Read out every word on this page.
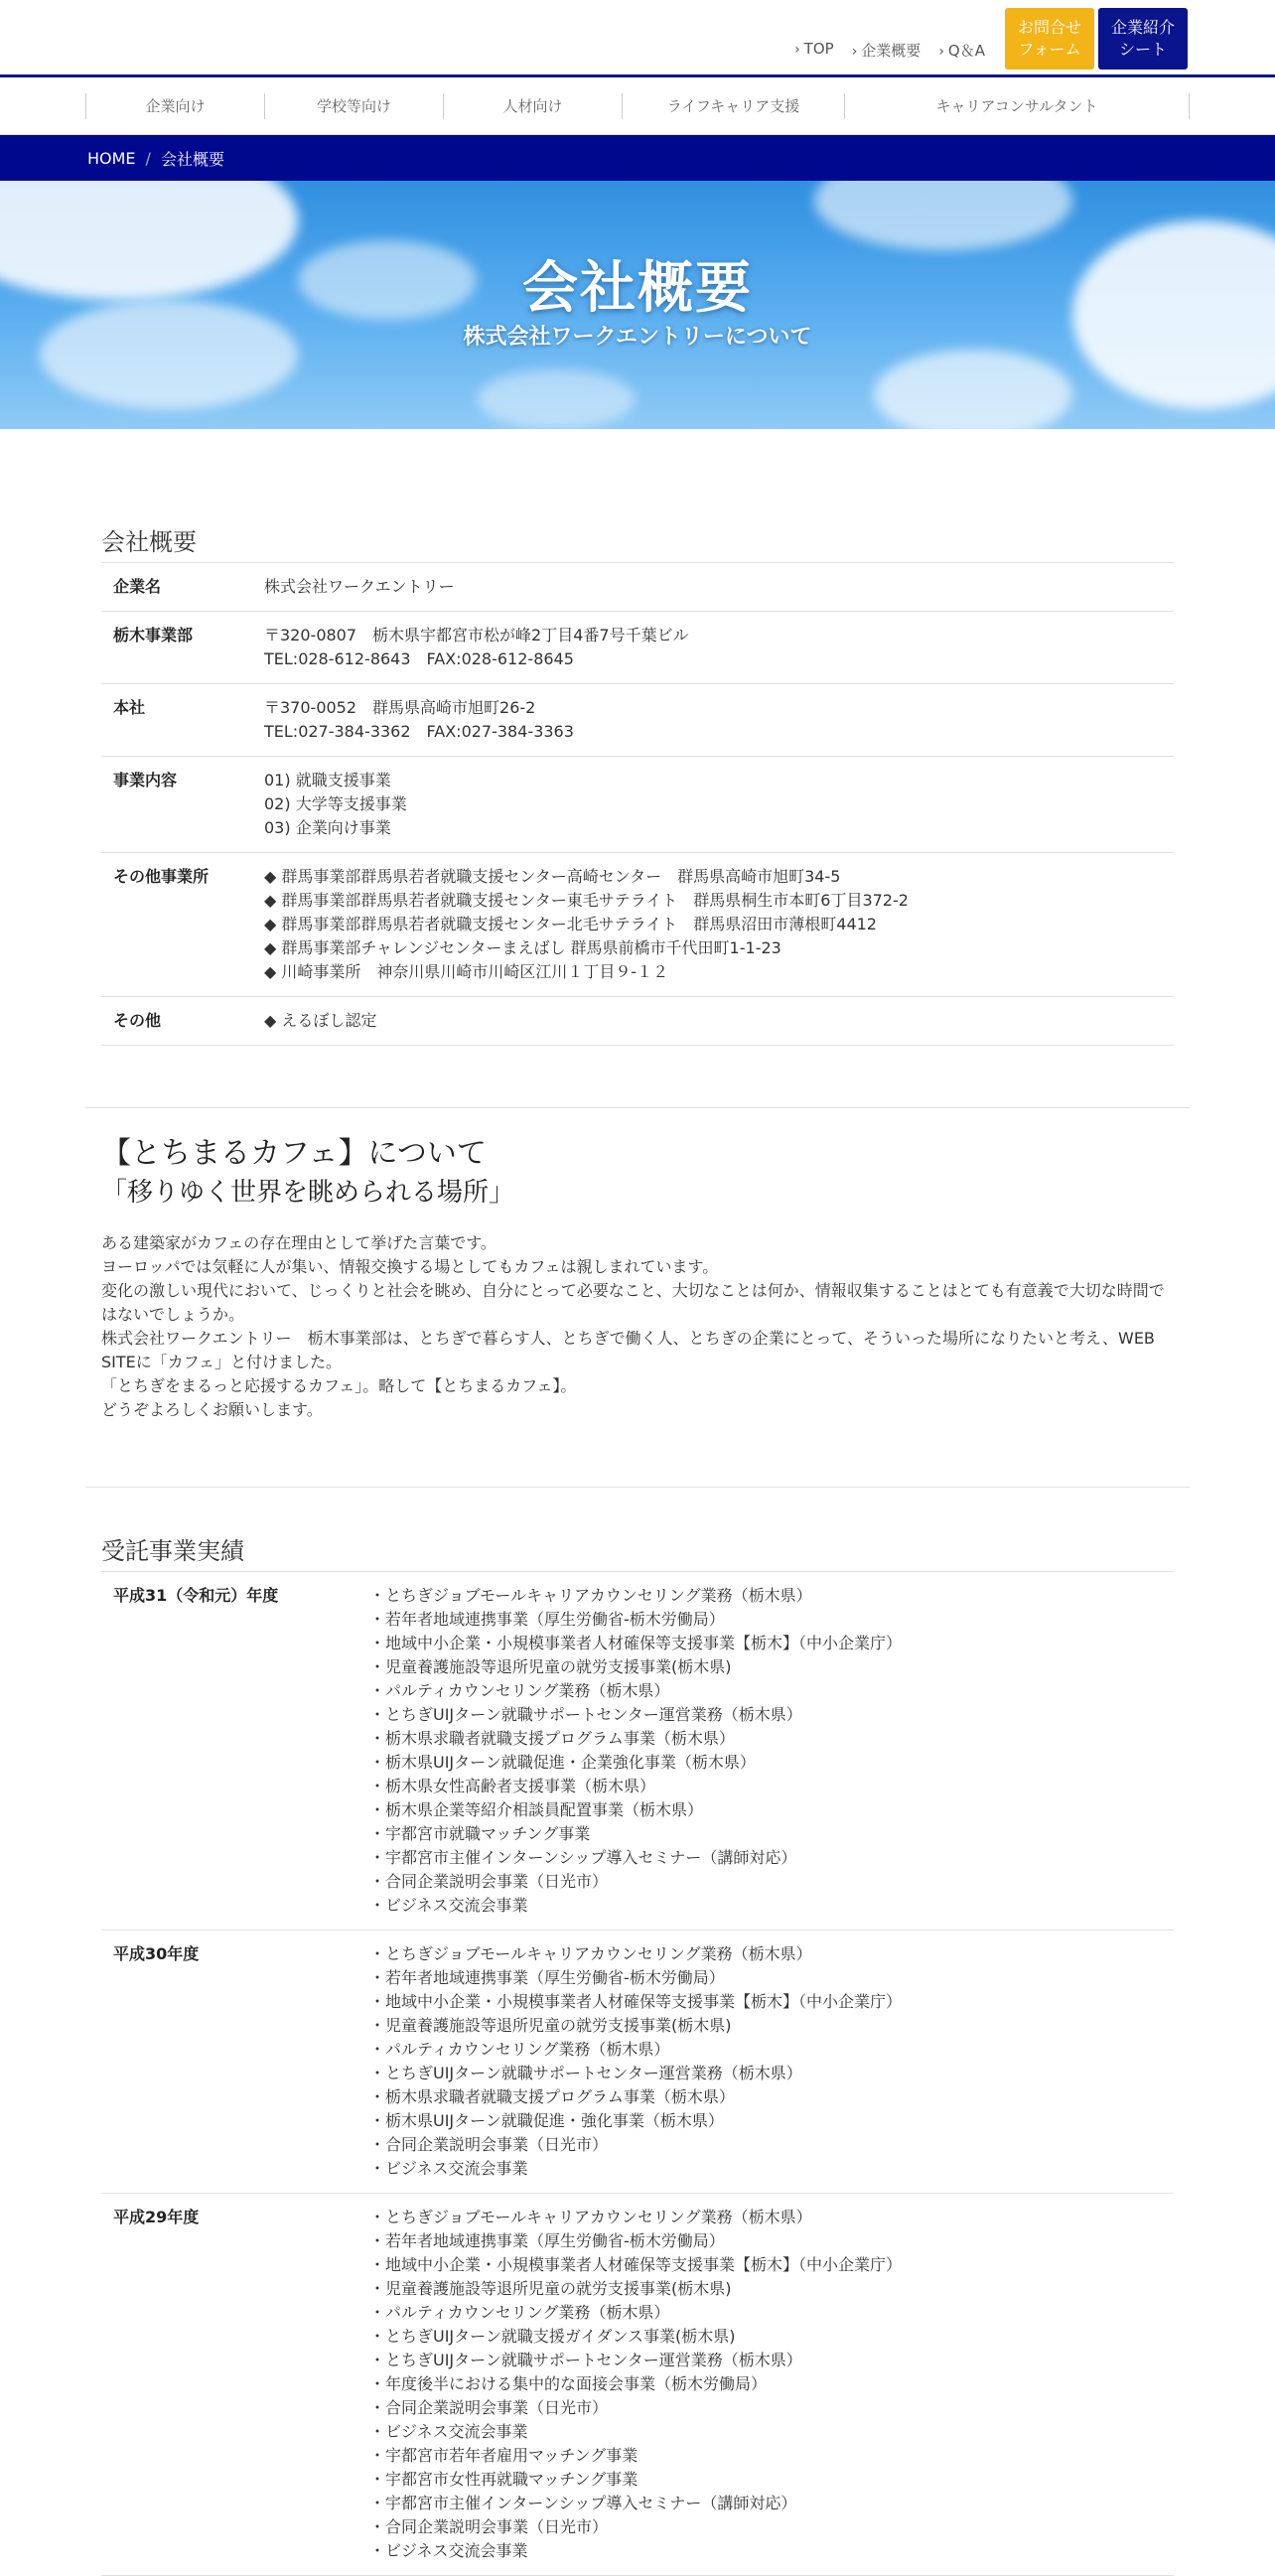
› TOP › 企業概要 › Q＆A
お問合せ
フォーム
企業紹介
シート
企業向け	学校等向け	人材向け	ライフキャリア支援	キャリアコンサルタント
HOME / 会社概要
会社概要
株式会社ワークエントリーについて
会社概要
企業名	株式会社ワークエントリー
栃木事業部	〒320-0807　栃木県宇都宮市松が峰2丁目4番7号千葉ビル
TEL:028-612-8643　FAX:028-612-8645
本社	〒370-0052　群馬県高崎市旭町26-2
TEL:027-384-3362　FAX:027-384-3363
事業内容	01) 就職支援事業
02) 大学等支援事業
03) 企業向け事業
その他事業所	◆ 群馬事業部群馬県若者就職支援センター高崎センター　群馬県高崎市旭町34-5
◆ 群馬事業部群馬県若者就職支援センター東毛サテライト　群馬県桐生市本町6丁目372-2
◆ 群馬事業部群馬県若者就職支援センター北毛サテライト　群馬県沼田市薄根町4412
◆ 群馬事業部チャレンジセンターまえばし 群馬県前橋市千代田町1-1-23
◆ 川崎事業所　神奈川県川崎市川崎区江川１丁目９-１２
その他	◆ えるぼし認定
【とちまるカフェ】について
「移りゆく世界を眺められる場所」
ある建築家がカフェの存在理由として挙げた言葉です。
ヨーロッパでは気軽に人が集い、情報交換する場としてもカフェは親しまれています。
変化の激しい現代において、じっくりと社会を眺め、自分にとって必要なこと、大切なことは何か、情報収集することはとても有意義で大切な時間で
はないでしょうか。
株式会社ワークエントリー　栃木事業部は、とちぎで暮らす人、とちぎで働く人、とちぎの企業にとって、そういった場所になりたいと考え、WEB
SITEに「カフェ」と付けました。
「とちぎをまるっと応援するカフェ」。略して【とちまるカフェ】。
どうぞよろしくお願いします。
受託事業実績
平成31（令和元）年度	・とちぎジョブモールキャリアカウンセリング業務（栃木県）
・若年者地域連携事業（厚生労働省-栃木労働局）
・地域中小企業・小規模事業者人材確保等支援事業【栃木】（中小企業庁）
・児童養護施設等退所児童の就労支援事業(栃木県)
・パルティカウンセリング業務（栃木県）
・とちぎUIJターン就職サポートセンター運営業務（栃木県）
・栃木県求職者就職支援プログラム事業（栃木県）
・栃木県UIJターン就職促進・企業強化事業（栃木県）
・栃木県女性高齢者支援事業（栃木県）
・栃木県企業等紹介相談員配置事業（栃木県）
・宇都宮市就職マッチング事業
・宇都宮市主催インターンシップ導入セミナー（講師対応）
・合同企業説明会事業（日光市）
・ビジネス交流会事業
平成30年度	・とちぎジョブモールキャリアカウンセリング業務（栃木県）
・若年者地域連携事業（厚生労働省-栃木労働局）
・地域中小企業・小規模事業者人材確保等支援事業【栃木】（中小企業庁）
・児童養護施設等退所児童の就労支援事業(栃木県)
・パルティカウンセリング業務（栃木県）
・とちぎUIJターン就職サポートセンター運営業務（栃木県）
・栃木県求職者就職支援プログラム事業（栃木県）
・栃木県UIJターン就職促進・強化事業（栃木県）
・合同企業説明会事業（日光市）
・ビジネス交流会事業
平成29年度	・とちぎジョブモールキャリアカウンセリング業務（栃木県）
・若年者地域連携事業（厚生労働省-栃木労働局）
・地域中小企業・小規模事業者人材確保等支援事業【栃木】（中小企業庁）
・児童養護施設等退所児童の就労支援事業(栃木県)
・パルティカウンセリング業務（栃木県）
・とちぎUIJターン就職支援ガイダンス事業(栃木県)
・とちぎUIJターン就職サポートセンター運営業務（栃木県）
・年度後半における集中的な面接会事業（栃木労働局）
・合同企業説明会事業（日光市）
・ビジネス交流会事業
・宇都宮市若年者雇用マッチング事業
・宇都宮市女性再就職マッチング事業
・宇都宮市主催インターンシップ導入セミナー（講師対応）
・合同企業説明会事業（日光市）
・ビジネス交流会事業
